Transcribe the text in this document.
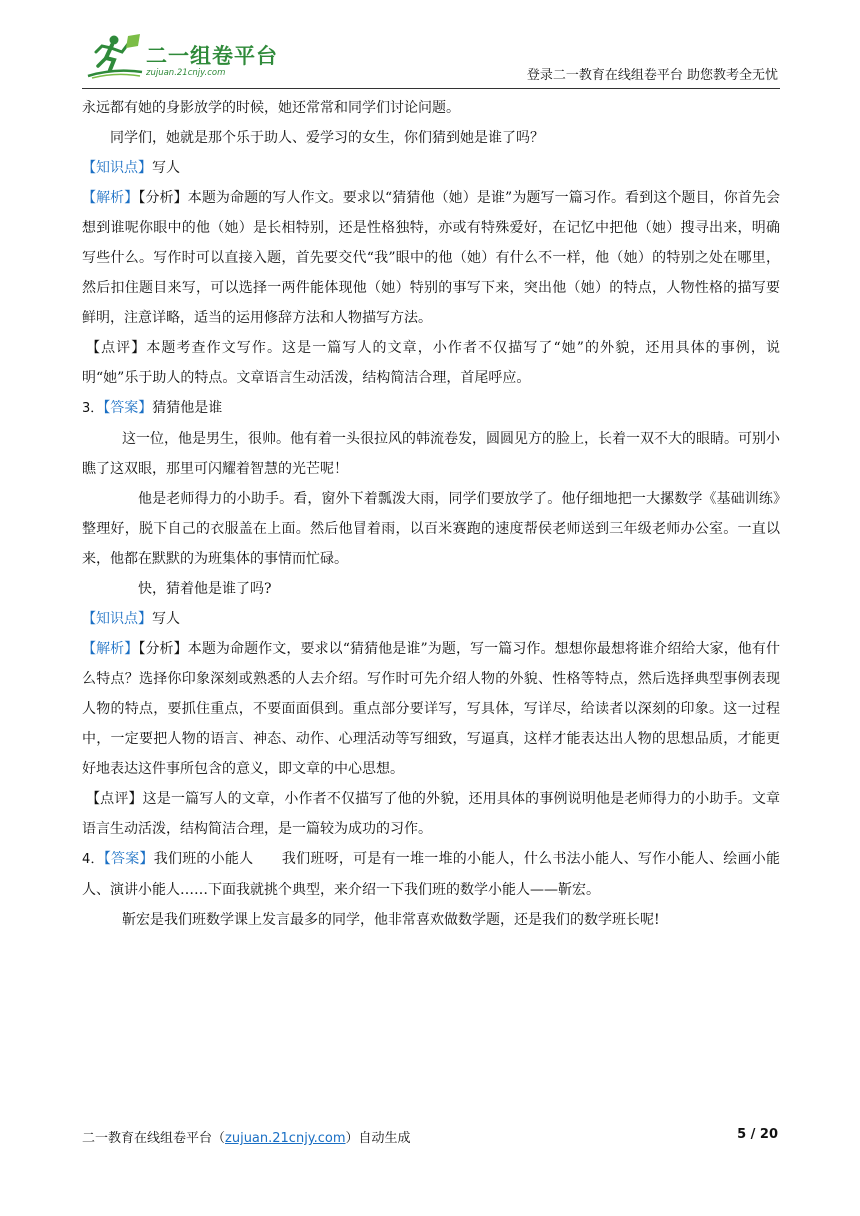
二一组卷平台
zujuan.21cnjy.com	登录二一教育在线组卷平台 助您教考全无忧

永远都有她的身影放学的时候，她还常常和同学们讨论问题。

同学们，她就是那个乐于助人、爱学习的女生，你们猜到她是谁了吗？

【知识点】写人

【解析】【分析】本题为命题的写人作文。要求以“猜猜他（她）是谁”为题写一篇习作。看到这个题目，你首先会想到谁呢你眼中的他（她）是长相特别，还是性格独特，亦或有特殊爱好，在记忆中把他（她）搜寻出来，明确写些什么。写作时可以直接入题，首先要交代“我”眼中的他（她）有什么不一样，他（她）的特别之处在哪里，然后扣住题目来写，可以选择一两件能体现他（她）特别的事写下来，突出他（她）的特点，人物性格的描写要鲜明，注意详略，适当的运用修辞方法和人物描写方法。

【点评】本题考查作文写作。这是一篇写人的文章，小作者不仅描写了“她”的外貌，还用具体的事例，说明“她”乐于助人的特点。文章语言生动活泼，结构简洁合理，首尾呼应。

3．【答案】猜猜他是谁

这一位，他是男生，很帅。他有着一头很拉风的韩流卷发，圆圆见方的脸上，长着一双不大的眼睛。可别小瞧了这双眼，那里可闪耀着智慧的光芒呢！

他是老师得力的小助手。看，窗外下着瓢泼大雨，同学们要放学了。他仔细地把一大摞数学《基础训练》整理好，脱下自己的衣服盖在上面。然后他冒着雨，以百米赛跑的速度帮侯老师送到三年级老师办公室。一直以来，他都在默默的为班集体的事情而忙碌。

快，猜着他是谁了吗?

【知识点】写人

【解析】【分析】本题为命题作文，要求以“猜猜他是谁”为题，写一篇习作。想想你最想将谁介绍给大家，他有什么特点？选择你印象深刻或熟悉的人去介绍。写作时可先介绍人物的外貌、性格等特点，然后选择典型事例表现人物的特点，要抓住重点，不要面面俱到。重点部分要详写，写具体，写详尽，给读者以深刻的印象。这一过程中，一定要把人物的语言、神态、动作、心理活动等写细致，写逼真，这样才能表达出人物的思想品质，才能更好地表达这件事所包含的意义，即文章的中心思想。

【点评】这是一篇写人的文章，小作者不仅描写了他的外貌，还用具体的事例说明他是老师得力的小助手。文章语言生动活泼，结构简洁合理，是一篇较为成功的习作。

4．【答案】我们班的小能人　　我们班呀，可是有一堆一堆的小能人，什么书法小能人、写作小能人、绘画小能人、演讲小能人……下面我就挑个典型，来介绍一下我们班的数学小能人——靳宏。

靳宏是我们班数学课上发言最多的同学，他非常喜欢做数学题，还是我们的数学班长呢!

二一教育在线组卷平台（zujuan.21cnjy.com）自动生成	5 / 20
